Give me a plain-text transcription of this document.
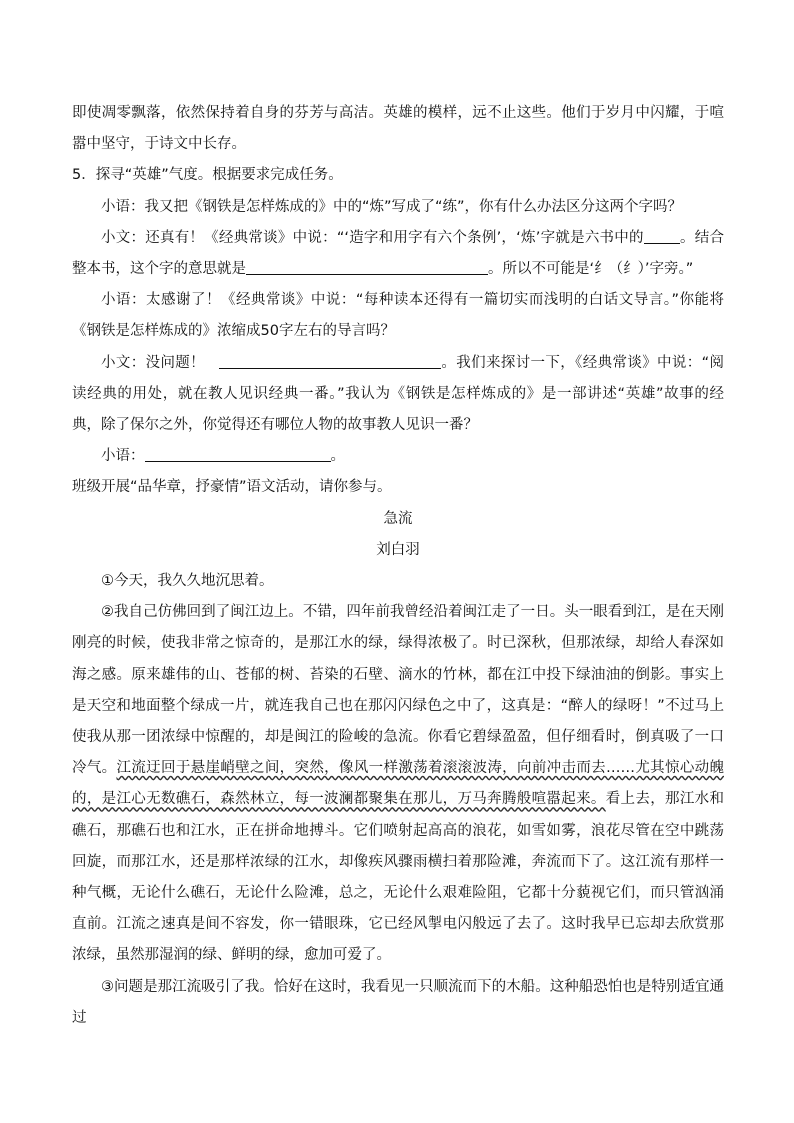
即使凋零飘落，依然保持着自身的芬芳与高洁。英雄的模样，远不止这些。他们于岁月中闪耀，于喧嚣中坚守，于诗文中长存。

5．探寻“英雄”气度。根据要求完成任务。

小语：我又把《钢铁是怎样炼成的》中的“炼”写成了“练”，你有什么办法区分这两个字吗？

小文：还真有！《经典常谈》中说：“‘造字和用字有六个条例’，‘炼’字就是六书中的 。结合整本书，这个字的意思就是	。所以不可能是‘纟（纟）’字旁。”

小语：太感谢了！《经典常谈》中说：“每种读本还得有一篇切实而浅明的白话文导言。”你能将《钢铁是怎样炼成的》浓缩成50字左右的导言吗？

小文：没问题！	。我们来探讨一下，《经典常谈》中说：“阅读经典的用处，就在教人见识经典一番。”我认为《钢铁是怎样炼成的》是一部讲述“英雄”故事的经典，除了保尔之外，你觉得还有哪位人物的故事教人见识一番？

小语：	。

班级开展“品华章，抒豪情”语文活动，请你参与。

急流

刘白羽

①今天，我久久地沉思着。

②我自己仿佛回到了闽江边上。不错，四年前我曾经沿着闽江走了一日。头一眼看到江，是在天刚刚亮的时候，使我非常之惊奇的，是那江水的绿，绿得浓极了。时已深秋，但那浓绿，却给人春深如海之感。原来雄伟的山、苍郁的树、苔染的石壁、滴水的竹林，都在江中投下绿油油的倒影。事实上是天空和地面整个绿成一片，就连我自己也在那闪闪绿色之中了，这真是：“醉人的绿呀！”不过马上使我从那一团浓绿中惊醒的，却是闽江的险峻的急流。你看它碧绿盈盈，但仔细看时，倒真吸了一口冷气。江流迂回于悬崖峭壁之间，突然，像风一样激荡着滚滚波涛，向前冲击而去……尤其惊心动魄的，是江心无数礁石，森然林立，每一波澜都聚集在那儿，万马奔腾般喧嚣起来。看上去，那江水和礁石，那礁石也和江水，正在拼命地搏斗。它们喷射起高高的浪花，如雪如雾，浪花尽管在空中跳荡回旋，而那江水，还是那样浓绿的江水，却像疾风骤雨横扫着那险滩，奔流而下了。这江流有那样一种气概，无论什么礁石，无论什么险滩，总之，无论什么艰难险阻，它都十分藐视它们，而只管汹涌直前。江流之速真是间不容发，你一错眼珠，它已经风掣电闪般远了去了。这时我早已忘却去欣赏那浓绿，虽然那湿润的绿、鲜明的绿，愈加可爱了。

③问题是那江流吸引了我。恰好在这时，我看见一只顺流而下的木船。这种船恐怕也是特别适宜通过
